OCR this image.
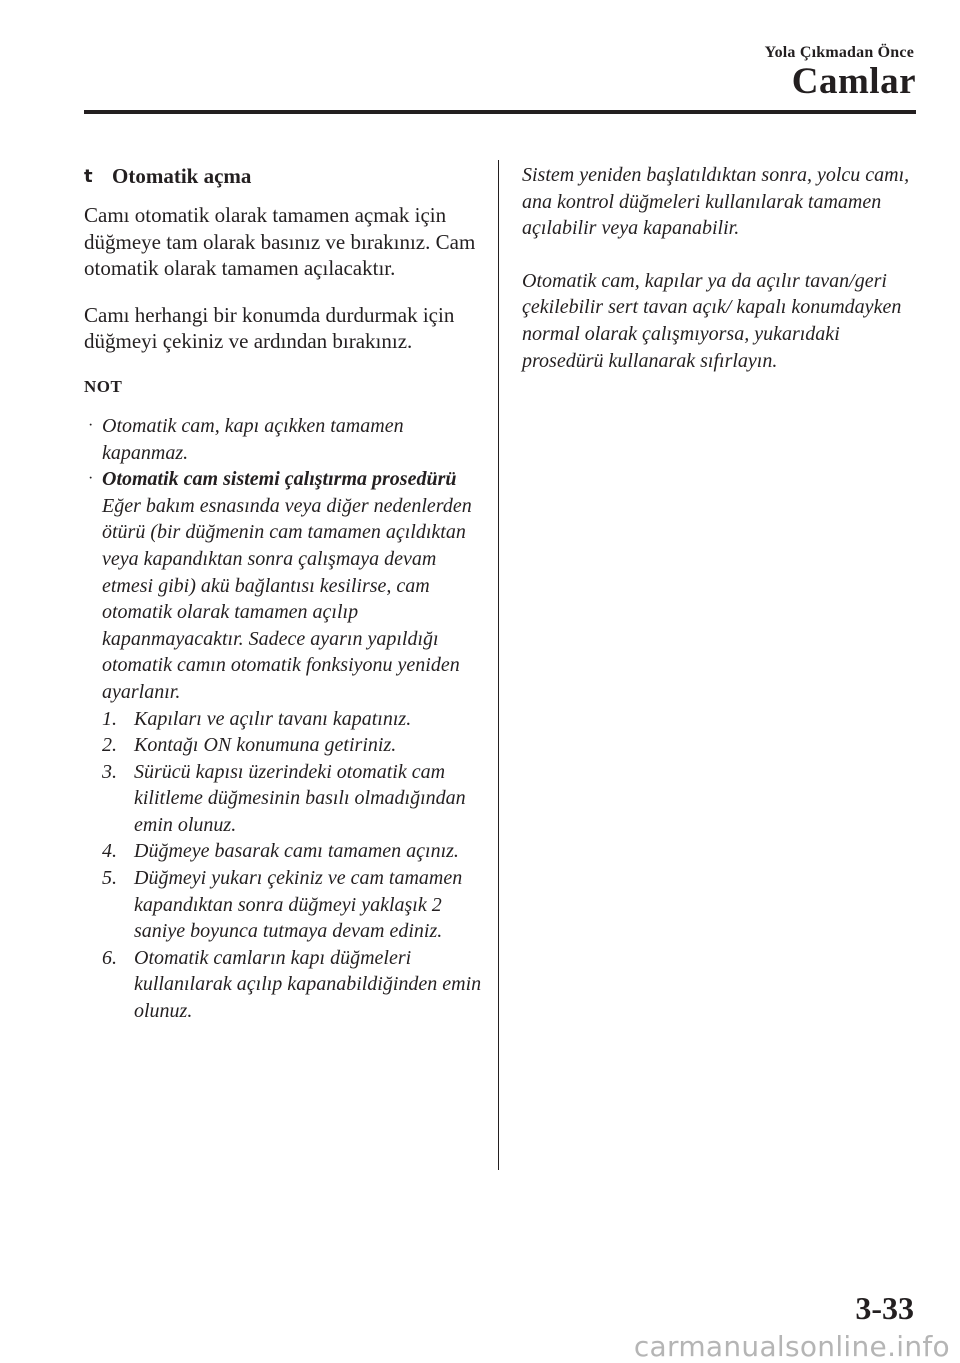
Yola Çıkmadan Önce
Camlar
t Otomatik açma

Camı otomatik olarak tamamen açmak için düğmeye tam olarak basınız ve bırakınız. Cam otomatik olarak tamamen açılacaktır.

Camı herhangi bir konumda durdurmak için düğmeyi çekiniz ve ardından bırakınız.

NOT
· Otomatik cam, kapı açıkken tamamen kapanmaz.
· Otomatik cam sistemi çalıştırma prosedürü
Eğer bakım esnasında veya diğer nedenlerden ötürü (bir düğmenin cam tamamen açıldıktan veya kapandıktan sonra çalışmaya devam etmesi gibi) akü bağlantısı kesilirse, cam otomatik olarak tamamen açılıp kapanmayacaktır. Sadece ayarın yapıldığı otomatik camın otomatik fonksiyonu yeniden ayarlanır.
1. Kapıları ve açılır tavanı kapatınız.
2. Kontağı ON konumuna getiriniz.
3. Sürücü kapısı üzerindeki otomatik cam kilitleme düğmesinin basılı olmadığından emin olunuz.
4. Düğmeye basarak camı tamamen açınız.
5. Düğmeyi yukarı çekiniz ve cam tamamen kapandıktan sonra düğmeyi yaklaşık 2 saniye boyunca tutmaya devam ediniz.
6. Otomatik camların kapı düğmeleri kullanılarak açılıp kapanabildiğinden emin olunuz.

Sistem yeniden başlatıldıktan sonra, yolcu camı, ana kontrol düğmeleri kullanılarak tamamen açılabilir veya kapanabilir.

Otomatik cam, kapılar ya da açılır tavan/geri çekilebilir sert tavan açık/ kapalı konumdayken normal olarak çalışmıyorsa, yukarıdaki prosedürü kullanarak sıfırlayın.

3-33
carmanualsonline.info
